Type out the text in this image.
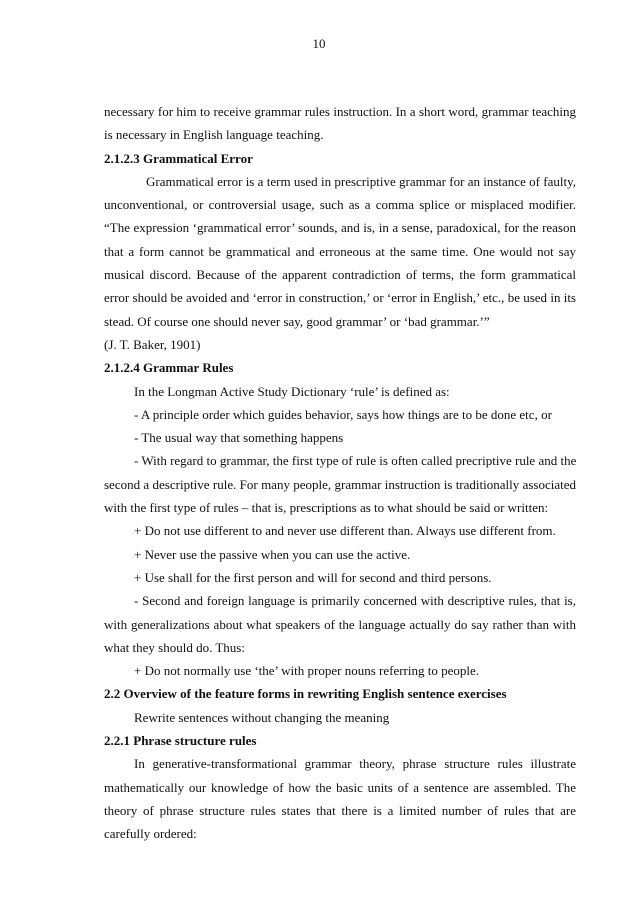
10
necessary for him to receive grammar rules instruction. In a short word, grammar teaching
is necessary in English language teaching.
2.1.2.3 Grammatical Error
Grammatical error is a term used in prescriptive grammar for an instance of faulty,
unconventional, or controversial usage, such as a comma splice or misplaced modifier.
“The expression ‘grammatical error’ sounds, and is, in a sense, paradoxical, for the reason
that a form cannot be grammatical and erroneous at the same time. One would not say
musical discord. Because of the apparent contradiction of terms, the form grammatical
error should be avoided and ‘error in construction,’ or ‘error in English,’ etc., be used in its
stead. Of course one should never say, good grammar’ or ‘bad grammar.’”
(J. T. Baker, 1901)
2.1.2.4 Grammar Rules
In the Longman Active Study Dictionary ‘rule’ is defined as:
- A principle order which guides behavior, says how things are to be done etc, or
- The usual way that something happens
- With regard to grammar, the first type of rule is often called precriptive rule and the
second a descriptive rule. For many people, grammar instruction is traditionally associated
with the first type of rules – that is, prescriptions as to what should be said or written:
+ Do not use different to and never use different than. Always use different from.
+ Never use the passive when you can use the active.
+ Use shall for the first person and will for second and third persons.
- Second and foreign language is primarily concerned with descriptive rules, that is,
with generalizations about what speakers of the language actually do say rather than with
what they should do. Thus:
+ Do not normally use ‘the’ with proper nouns referring to people.
2.2 Overview of the feature forms in rewriting English sentence exercises
Rewrite sentences without changing the meaning
2.2.1 Phrase structure rules
In generative-transformational grammar theory, phrase structure rules illustrate
mathematically our knowledge of how the basic units of a sentence are assembled. The
theory of phrase structure rules states that there is a limited number of rules that are
carefully ordered:
